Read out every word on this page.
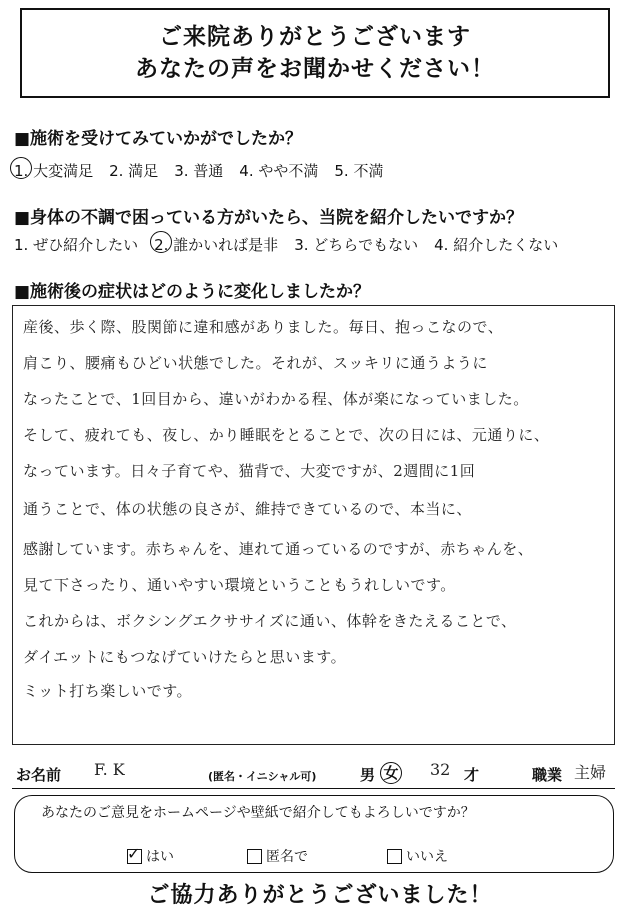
ご来院ありがとうございます
あなたの声をお聞かせください！
■施術を受けてみていかがでしたか？
1. 大変満足 2. 満足 3. 普通 4. やや不満 5. 不満
■身体の不調で困っている方がいたら、当院を紹介したいですか？
1. ぜひ紹介したい 2. 誰かいれば是非 3. どちらでもない 4. 紹介したくない
■施術後の症状はどのように変化しましたか？
産後、歩く際、股関節に違和感がありました。毎日、抱っこなので、
肩こり、腰痛もひどい状態でした。それが、スッキリに通うように
なったことで、1回目から、違いがわかる程、体が楽になっていました。
そして、疲れても、夜し、かり睡眠をとることで、次の日には、元通りに、
なっています。日々子育てや、猫背で、大変ですが、2週間に1回
通うことで、体の状態の良さが、維持できているので、本当に、
感謝しています。赤ちゃんを、連れて通っているのですが、赤ちゃんを、
見て下さったり、通いやすい環境ということもうれしいです。
これからは、ボクシングエクササイズに通い、体幹をきたえることで、
ダイエットにもつなげていけたらと思います。
ミット打ち楽しいです。
お名前 F. K	(匿名・イニシャル可)	男 女 32 才	職業 主婦
あなたのご意見をホームページや壁紙で紹介してもよろしいですか？
✓
はい	匿名で	いいえ
ご協力ありがとうございました！
